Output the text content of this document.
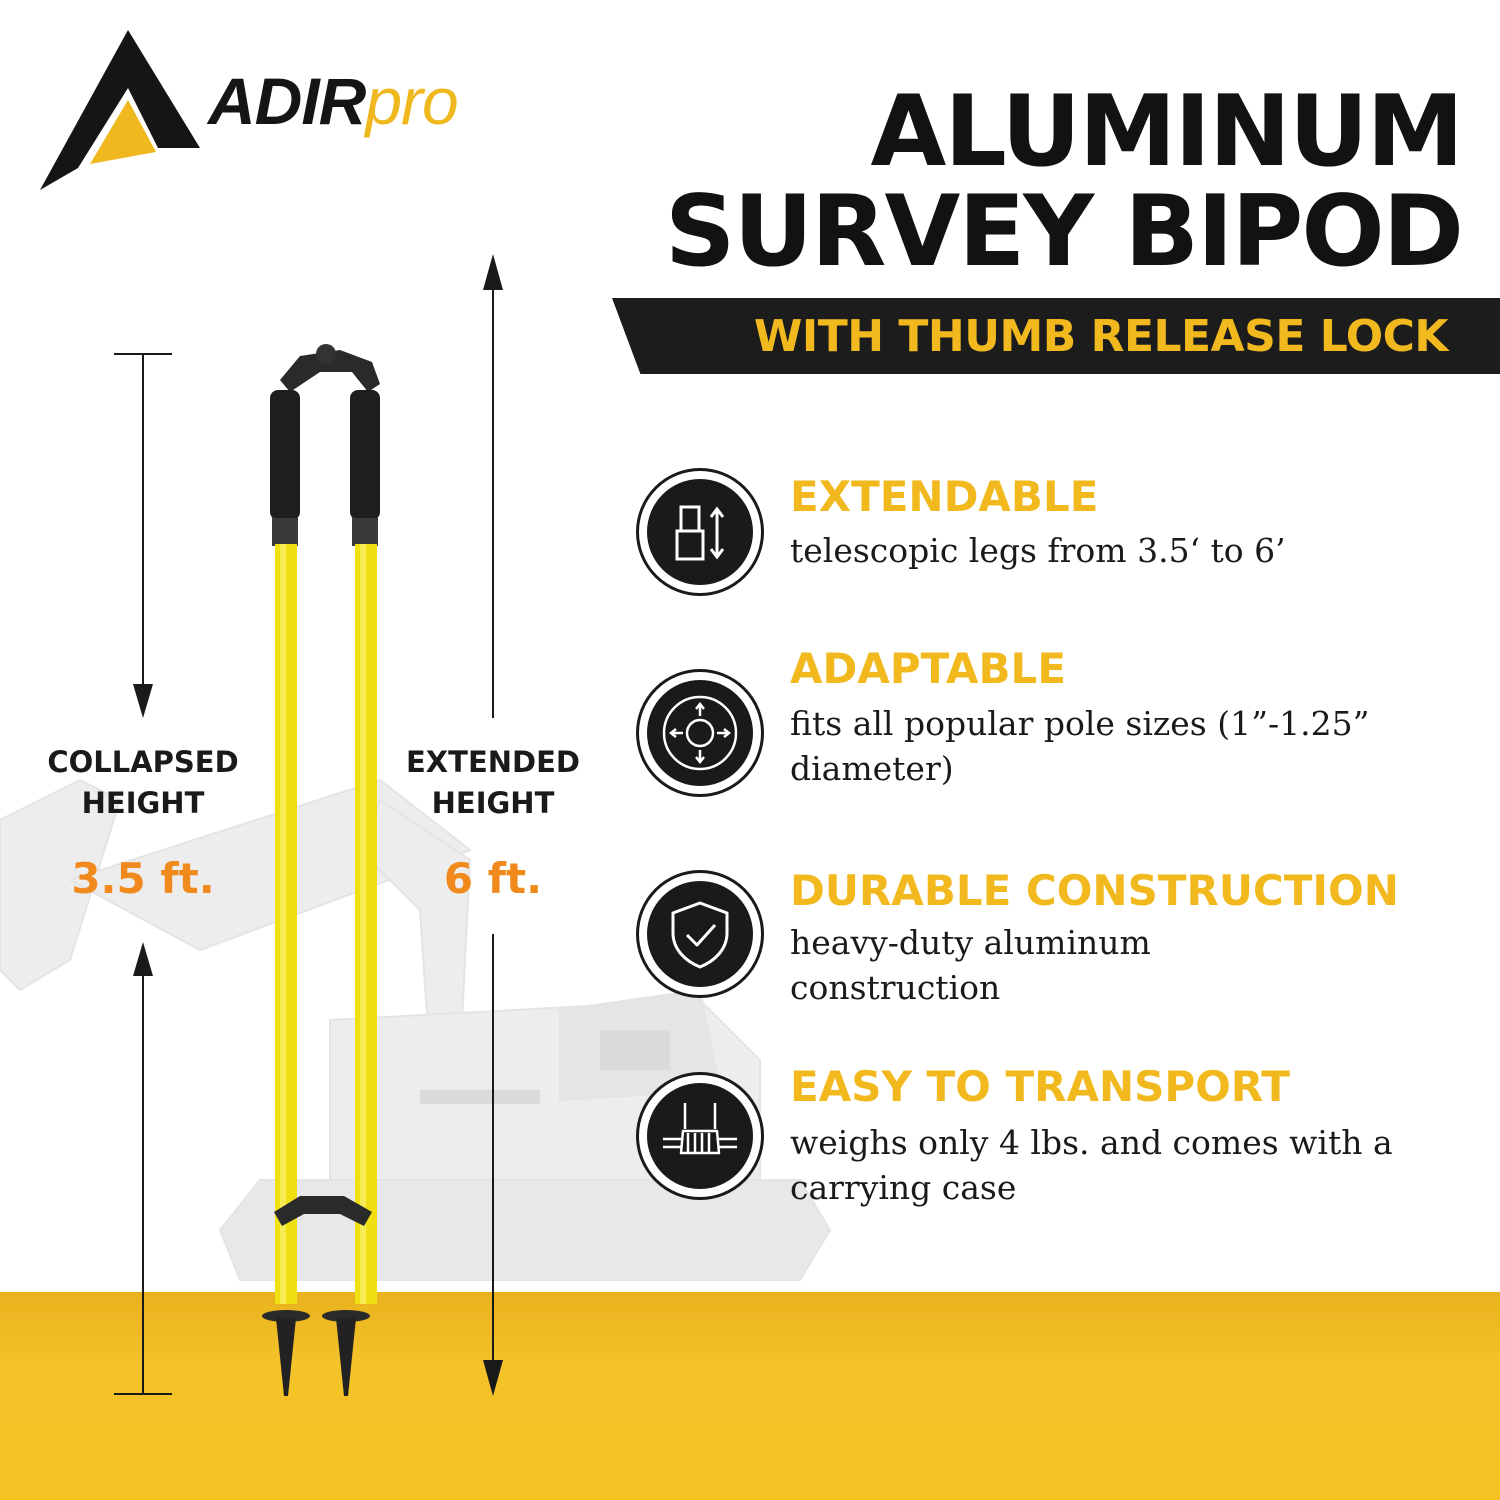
ADIRpro	ALUMINUM
SURVEY BIPOD
WITH THUMB RELEASE LOCK
EXTENDABLE
telescopic legs from 3.5‘ to 6’
ADAPTABLE
fits all popular pole sizes (1”-1.25” diameter)
DURABLE CONSTRUCTION
heavy-duty aluminum construction
EASY TO TRANSPORT
weighs only 4 lbs. and comes with a carrying case
COLLAPSED
HEIGHT
3.5 ft.
EXTENDED
HEIGHT
6 ft.
